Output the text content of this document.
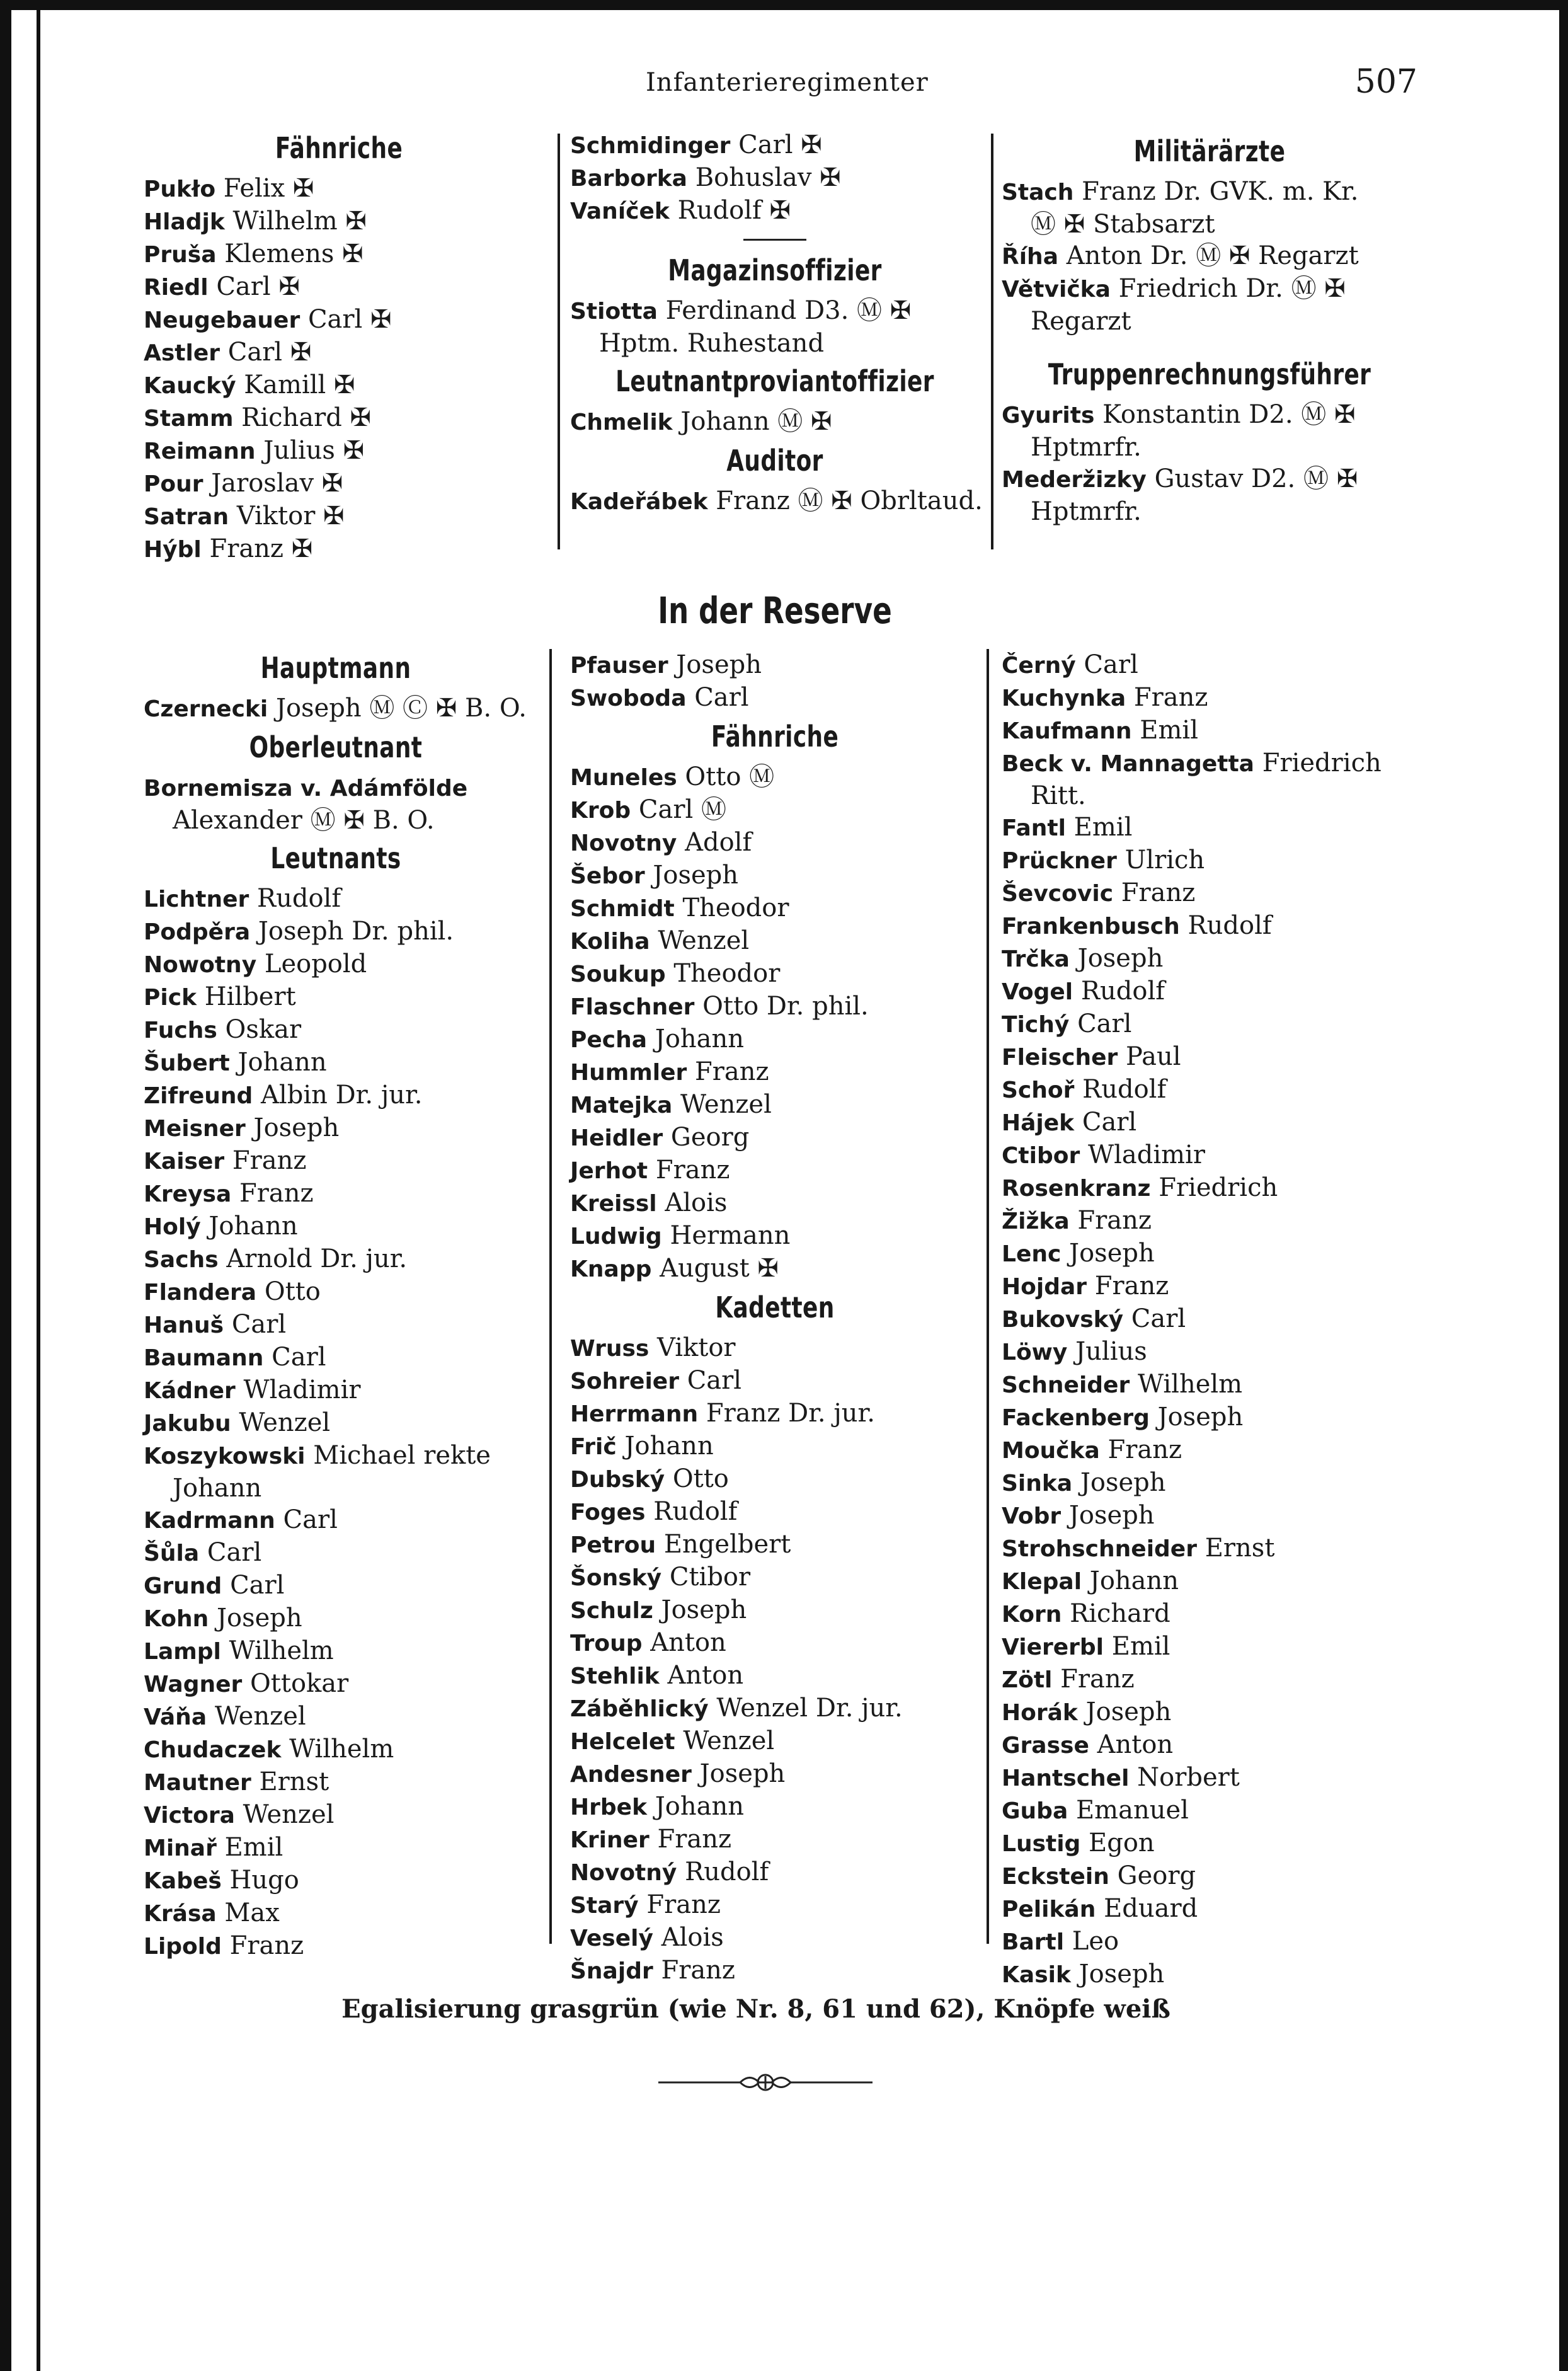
Infanterieregimenter	507
Fähnriche
Pukło Felix ✠
Hladjk Wilhelm ✠
Pruša Klemens ✠
Riedl Carl ✠
Neugebauer Carl ✠
Astler Carl ✠
Kaucký Kamill ✠
Stamm Richard ✠
Reimann Julius ✠
Pour Jaroslav ✠
Satran Viktor ✠
Hýbl Franz ✠
Schmidinger Carl ✠
Barborka Bohuslav ✠
Vaníček Rudolf ✠
Magazinsoffizier
Stiotta Ferdinand D3. Ⓜ ✠
Hptm. Ruhestand
Leutnantproviantoffizier
Chmelik Johann Ⓜ ✠
Auditor
Kadeřábek Franz Ⓜ ✠ Obrltaud.
Militärärzte
Stach Franz Dr. GVK. m. Kr.
Ⓜ ✠ Stabsarzt
Říha Anton Dr. Ⓜ ✠ Regarzt
Větvička Friedrich Dr. Ⓜ ✠
Regarzt
Truppenrechnungsführer
Gyurits Konstantin D2. Ⓜ ✠
Hptmrfr.
Mederžizky Gustav D2. Ⓜ ✠
Hptmrfr.
In der Reserve
Hauptmann
Czernecki Joseph Ⓜ Ⓒ ✠ B. O.
Oberleutnant
Bornemisza v. Adámfölde Alexander Ⓜ ✠ B. O.
Leutnants
Lichtner Rudolf
Podpěra Joseph Dr. phil.
Nowotny Leopold
Pick Hilbert
Fuchs Oskar
Šubert Johann
Zifreund Albin Dr. jur.
Meisner Joseph
Kaiser Franz
Kreysa Franz
Holý Johann
Sachs Arnold Dr. jur.
Flandera Otto
Hanuš Carl
Baumann Carl
Kádner Wladimir
Jakubu Wenzel
Koszykowski Michael rekte Johann
Kadrmann Carl
Šůla Carl
Grund Carl
Kohn Joseph
Lampl Wilhelm
Wagner Ottokar
Váňa Wenzel
Chudaczek Wilhelm
Mautner Ernst
Victora Wenzel
Minař Emil
Kabeš Hugo
Krása Max
Lipold Franz
Pfauser Joseph
Swoboda Carl
Fähnriche
Muneles Otto Ⓜ
Krob Carl Ⓜ
Novotny Adolf
Šebor Joseph
Schmidt Theodor
Koliha Wenzel
Soukup Theodor
Flaschner Otto Dr. phil.
Pecha Johann
Hummler Franz
Matejka Wenzel
Heidler Georg
Jerhot Franz
Kreissl Alois
Ludwig Hermann
Knapp August ✠
Kadetten
Wruss Viktor
Sohreier Carl
Herrmann Franz Dr. jur.
Frič Johann
Dubský Otto
Foges Rudolf
Petrou Engelbert
Šonský Ctibor
Schulz Joseph
Troup Anton
Stehlik Anton
Záběhlický Wenzel Dr. jur.
Helcelet Wenzel
Andesner Joseph
Hrbek Johann
Kriner Franz
Novotný Rudolf
Starý Franz
Veselý Alois
Šnajdr Franz
Černý Carl
Kuchynka Franz
Kaufmann Emil
Beck v. Mannagetta Friedrich Ritt.
Fantl Emil
Prückner Ulrich
Ševcovic Franz
Frankenbusch Rudolf
Trčka Joseph
Vogel Rudolf
Tichý Carl
Fleischer Paul
Schoř Rudolf
Hájek Carl
Ctibor Wladimir
Rosenkranz Friedrich
Žižka Franz
Lenc Joseph
Hojdar Franz
Bukovský Carl
Löwy Julius
Schneider Wilhelm
Fackenberg Joseph
Moučka Franz
Sinka Joseph
Vobr Joseph
Strohschneider Ernst
Klepal Johann
Korn Richard
Viererbl Emil
Zötl Franz
Horák Joseph
Grasse Anton
Hantschel Norbert
Guba Emanuel
Lustig Egon
Eckstein Georg
Pelikán Eduard
Bartl Leo
Kasik Joseph
Egalisierung grasgrün (wie Nr. 8, 61 und 62), Knöpfe weiß
